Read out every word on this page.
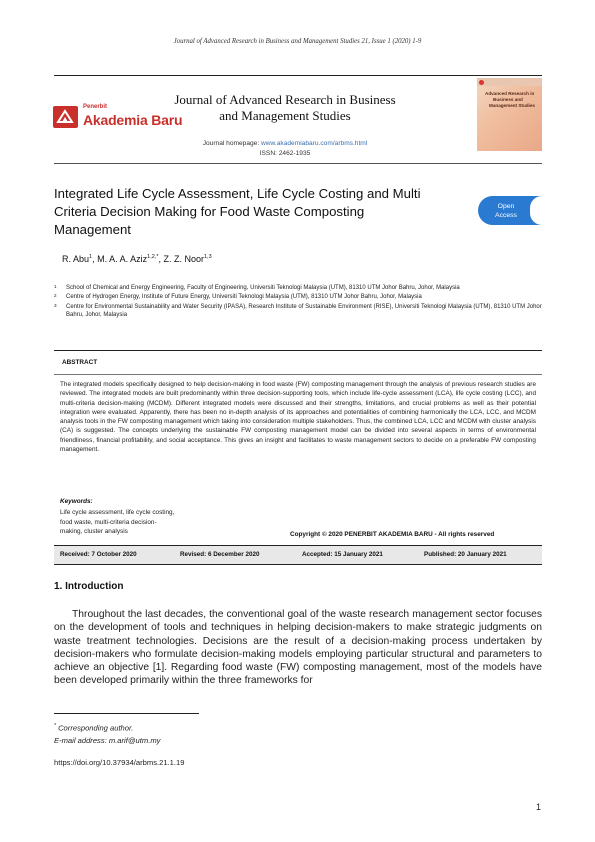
Journal of Advanced Research in Business and Management Studies 21, Issue 1 (2020) 1-9
Penerbit
Akademia Baru
Journal of Advanced Research in Business
and Management Studies
Journal homepage: www.akademiabaru.com/arbms.html
ISSN: 2462-1935
Advanced Research in
Business and
Management Studies
Integrated Life Cycle Assessment, Life Cycle Costing and Multi
Criteria Decision Making for Food Waste Composting
Management
Open
Access
R. Abu$^1$, M. A. A. Aziz$^{1,2,*}$, Z. Z. Noor$^{1,3}$
1 School of Chemical and Energy Engineering, Faculty of Engineering, Universiti Teknologi Malaysia (UTM), 81310 UTM Johor Bahru, Johor, Malaysia
2 Centre of Hydrogen Energy, Institute of Future Energy, Universiti Teknologi Malaysia (UTM), 81310 UTM Johor Bahru, Johor, Malaysia
3 Centre for Environmental Sustainability and Water Security (IPASA), Research Institute of Sustainable Environment (RISE), Universiti Teknologi Malaysia (UTM), 81310 UTM Johor Bahru, Johor, Malaysia
ABSTRACT
The integrated models specifically designed to help decision-making in food waste (FW) composting management through the analysis of previous research studies are reviewed. The integrated models are built predominantly within three decision-supporting tools, which include life-cycle assessment (LCA), life cycle costing (LCC), and multi-criteria decision-making (MCDM). Different integrated models were discussed and their strengths, limitations, and crucial problems as well as their potential integration were evaluated. Apparently, there has been no in-depth analysis of its approaches and potentialities of combining harmonically the LCA, LCC, and MCDM analysis tools in the FW composting management which taking into consideration multiple stakeholders. Thus, the combined LCA, LCC and MCDM with cluster analysis (CA) is suggested. The concepts underlying the sustainable FW composting management model can be divided into several aspects in terms of environmental friendliness, financial profitability, and social acceptance. This gives an insight and facilitates to waste management sectors to decide on a preferable FW composting management.
Keywords:
Life cycle assessment, life cycle costing,
food waste, multi-criteria decision-
making, cluster analysis	Copyright © 2020 PENERBIT AKADEMIA BARU - All rights reserved
Received: 7 October 2020	Revised: 6 December 2020	Accepted: 15 January 2021	Published: 20 January 2021
1. Introduction
Throughout the last decades, the conventional goal of the waste research management sector focuses on the development of tools and techniques in helping decision-makers to make strategic judgments on waste treatment technologies. Decisions are the result of a decision-making process undertaken by decision-makers who formulate decision-making models employing particular structural and parameters to achieve an objective [1]. Regarding food waste (FW) composting management, most of the models have been developed primarily within the three frameworks for
* Corresponding author.
E-mail address: m.arif@utm.my
https://doi.org/10.37934/arbms.21.1.19
1
